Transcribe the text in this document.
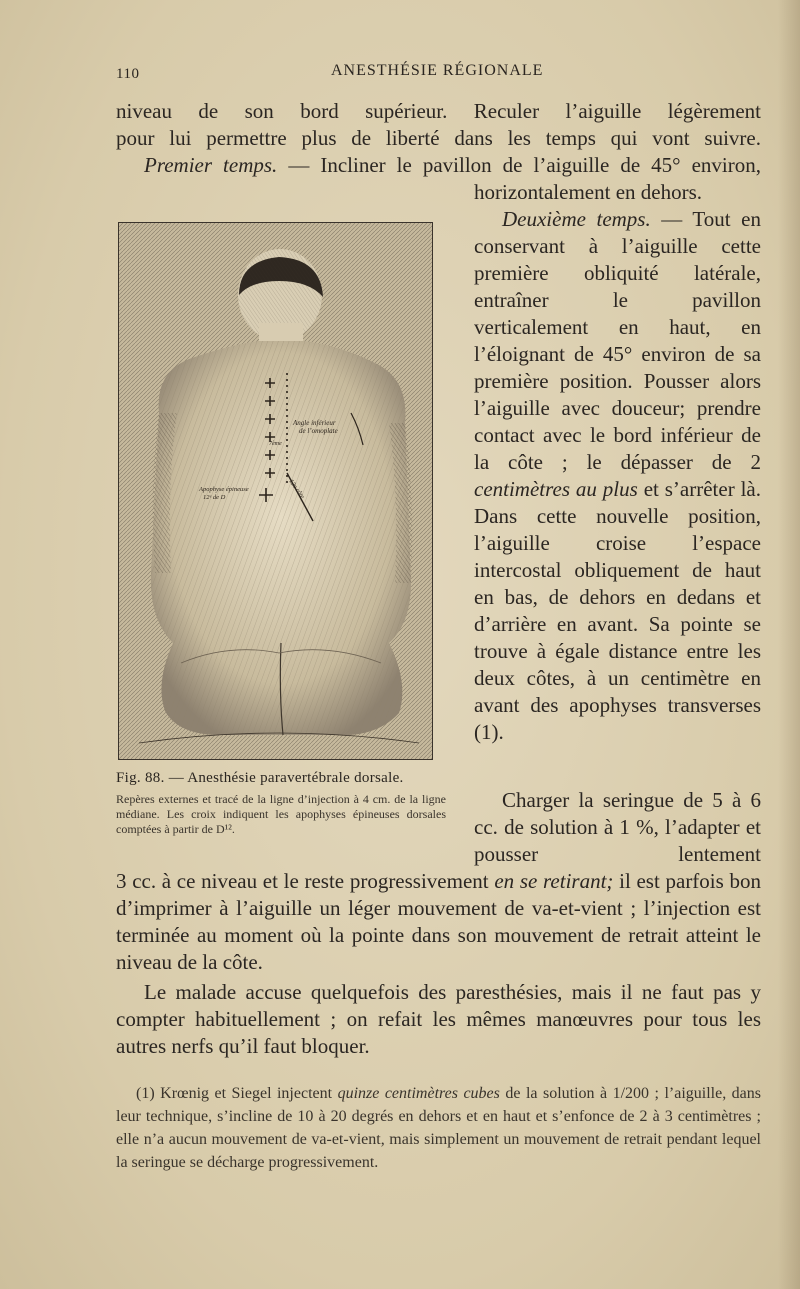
110	ANESTHÉSIE RÉGIONALE
niveau de son bord supérieur. Reculer l’aiguille légèrement
pour lui permettre plus de liberté dans les temps qui vont suivre.
Premier temps. — Incliner le pavillon de l’aiguille de 45° environ,
horizontalement en dehors.
Deuxième temps. — Tout en conservant à l’aiguille cette première obliquité latérale, entraîner le pavillon verticalement en haut, en l’éloignant de 45° environ de sa première position. Pousser alors l’aiguille avec douceur; prendre contact avec le bord inférieur de la côte ; le dépasser de 2 centimètres au plus et s’arrêter là. Dans cette nouvelle position, l’aiguille croise l’espace intercostal obliquement de haut en bas, de dehors en dedans et d’arrière en avant. Sa pointe se trouve à égale distance entre les deux côtes, à un centimètre en avant des apophyses transverses (1).
Charger la seringue de 5 à 6 cc. de solution à 1 %, l’adapter et pousser lentement
3 cc. à ce niveau et le reste progressivement en se retirant; il est parfois bon d’imprimer à l’aiguille un léger mouvement de va-et-vient ; l’injection est terminée au moment où la pointe dans son mouvement de retrait atteint le niveau de la côte.
Le malade accuse quelquefois des paresthésies, mais il ne faut pas y compter habituellement ; on refait les mêmes manœuvres pour tous les autres nerfs qu’il faut bloquer.
Angle inférieur
de l’omoplate
7ème
Apophyse épineuse
12ᵉ de D	12e côte
Fig. 88. — Anesthésie paravertébrale dorsale.
Repères externes et tracé de la ligne d’injection à 4 cm. de la ligne médiane. Les croix indiquent les apophyses épineuses dorsales comptées à partir de D¹².
(1) Krœnig et Siegel injectent quinze centimètres cubes de la solution à 1/200 ; l’aiguille, dans leur technique, s’incline de 10 à 20 degrés en dehors et en haut et s’enfonce de 2 à 3 centimètres ; elle n’a aucun mouvement de va-et-vient, mais simplement un mouvement de retrait pendant lequel la seringue se décharge progressivement.
